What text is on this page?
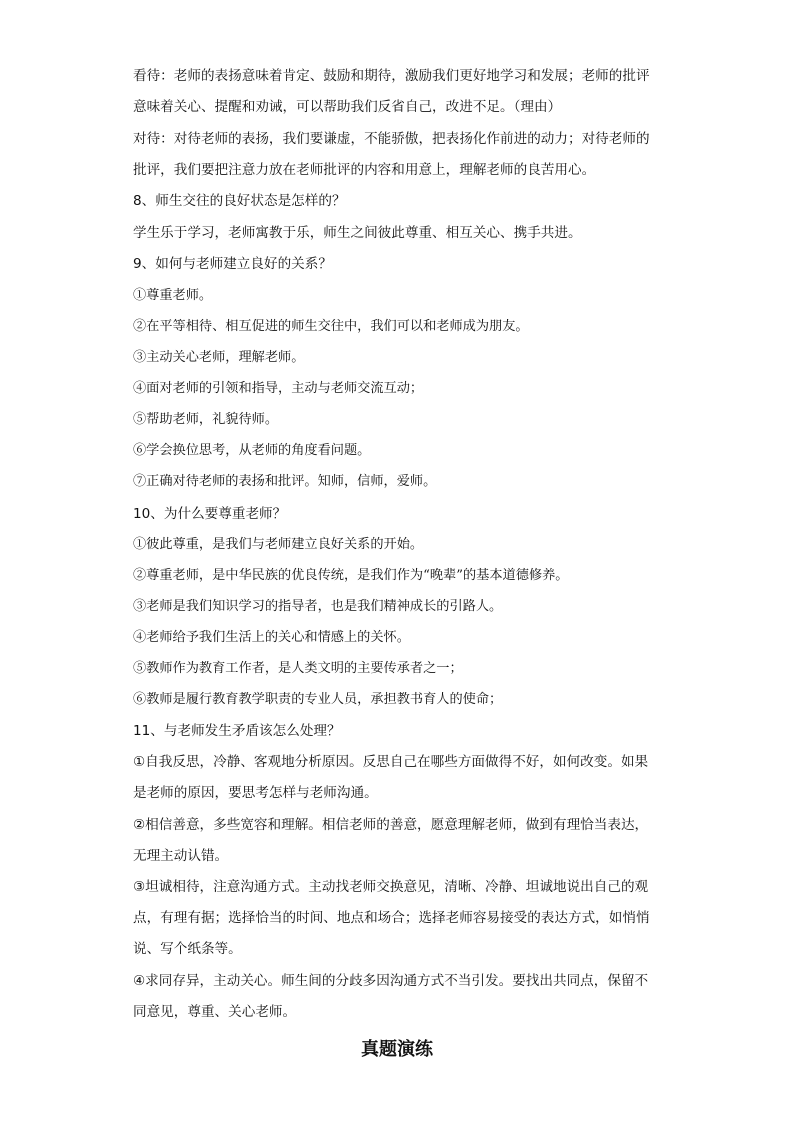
看待：老师的表扬意味着肯定、鼓励和期待，激励我们更好地学习和发展；老师的批评
意味着关心、提醒和劝诫，可以帮助我们反省自己，改进不足。（理由）
对待：对待老师的表扬，我们要谦虚，不能骄傲，把表扬化作前进的动力；对待老师的
批评，我们要把注意力放在老师批评的内容和用意上，理解老师的良苦用心。
8、师生交往的良好状态是怎样的？
学生乐于学习，老师寓教于乐，师生之间彼此尊重、相互关心、携手共进。
9、如何与老师建立良好的关系？
①尊重老师。
②在平等相待、相互促进的师生交往中，我们可以和老师成为朋友。
③主动关心老师，理解老师。
④面对老师的引领和指导，主动与老师交流互动；
⑤帮助老师，礼貌待师。
⑥学会换位思考，从老师的角度看问题。
⑦正确对待老师的表扬和批评。知师，信师，爱师。
10、为什么要尊重老师？
①彼此尊重，是我们与老师建立良好关系的开始。
②尊重老师，是中华民族的优良传统，是我们作为“晚辈”的基本道德修养。
③老师是我们知识学习的指导者，也是我们精神成长的引路人。
④老师给予我们生活上的关心和情感上的关怀。
⑤教师作为教育工作者，是人类文明的主要传承者之一；
⑥教师是履行教育教学职责的专业人员，承担教书育人的使命；
11、与老师发生矛盾该怎么处理？
①自我反思，冷静、客观地分析原因。反思自己在哪些方面做得不好，如何改变。如果
是老师的原因，要思考怎样与老师沟通。
②相信善意，多些宽容和理解。相信老师的善意，愿意理解老师，做到有理恰当表达，
无理主动认错。
③坦诚相待，注意沟通方式。主动找老师交换意见，清晰、冷静、坦诚地说出自己的观
点，有理有据；选择恰当的时间、地点和场合；选择老师容易接受的表达方式，如悄悄
说、写个纸条等。
④求同存异，主动关心。师生间的分歧多因沟通方式不当引发。要找出共同点，保留不
同意见，尊重、关心老师。
真题演练
